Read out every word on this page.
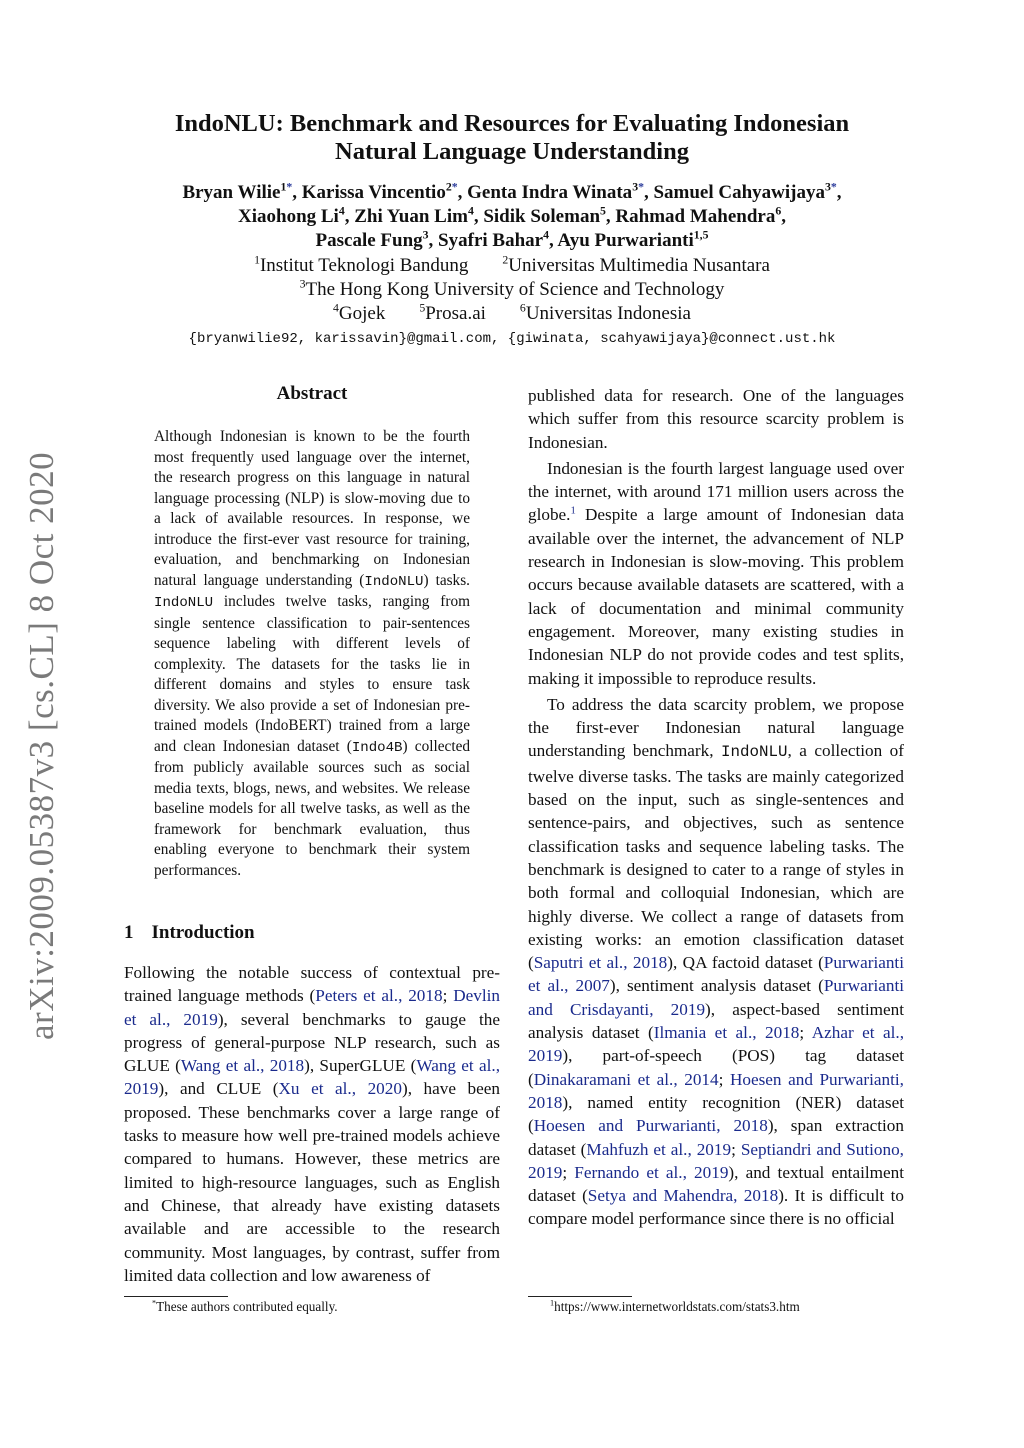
arXiv:2009.05387v3 [cs.CL] 8 Oct 2020
IndoNLU: Benchmark and Resources for Evaluating Indonesian
Natural Language Understanding
Bryan Wilie$^{1*}$, Karissa Vincentio$^{2*}$, Genta Indra Winata$^{3*}$, Samuel Cahyawijaya$^{3*}$,
Xiaohong Li$^4$, Zhi Yuan Lim$^4$, Sidik Soleman$^5$, Rahmad Mahendra$^6$,
Pascale Fung$^3$, Syafri Bahar$^4$, Ayu Purwarianti$^{1,5}$
$^1$Institut Teknologi Bandung	$^2$Universitas Multimedia Nusantara
$^3$The Hong Kong University of Science and Technology
$^4$Gojek	$^5$Prosa.ai	$^6$Universitas Indonesia
{bryanwilie92, karissavin}@gmail.com, {giwinata, scahyawijaya}@connect.ust.hk
Abstract
Although Indonesian is known to be the fourth most frequently used language over the internet, the research progress on this language in natural language processing (NLP) is slow-moving due to a lack of available resources. In response, we introduce the first-ever vast resource for training, evaluation, and benchmarking on Indonesian natural language understanding (IndoNLU) tasks. IndoNLU includes twelve tasks, ranging from single sentence classification to pair-sentences sequence labeling with different levels of complexity. The datasets for the tasks lie in different domains and styles to ensure task diversity. We also provide a set of Indonesian pre-trained models (IndoBERT) trained from a large and clean Indonesian dataset (Indo4B) collected from publicly available sources such as social media texts, blogs, news, and websites. We release baseline models for all twelve tasks, as well as the framework for benchmark evaluation, thus enabling everyone to benchmark their system performances.
1 Introduction

Following the notable success of contextual pre-trained language methods (Peters et al., 2018; Devlin et al., 2019), several benchmarks to gauge the progress of general-purpose NLP research, such as GLUE (Wang et al., 2018), SuperGLUE (Wang et al., 2019), and CLUE (Xu et al., 2020), have been proposed. These benchmarks cover a large range of tasks to measure how well pre-trained models achieve compared to humans. However, these metrics are limited to high-resource languages, such as English and Chinese, that already have existing datasets available and are accessible to the research community. Most languages, by contrast, suffer from limited data collection and low awareness of

published data for research. One of the languages which suffer from this resource scarcity problem is Indonesian.

Indonesian is the fourth largest language used over the internet, with around 171 million users across the globe.$^1$ Despite a large amount of Indonesian data available over the internet, the advancement of NLP research in Indonesian is slow-moving. This problem occurs because available datasets are scattered, with a lack of documentation and minimal community engagement. Moreover, many existing studies in Indonesian NLP do not provide codes and test splits, making it impossible to reproduce results.

To address the data scarcity problem, we propose the first-ever Indonesian natural language understanding benchmark, IndoNLU, a collection of twelve diverse tasks. The tasks are mainly categorized based on the input, such as single-sentences and sentence-pairs, and objectives, such as sentence classification tasks and sequence labeling tasks. The benchmark is designed to cater to a range of styles in both formal and colloquial Indonesian, which are highly diverse. We collect a range of datasets from existing works: an emotion classification dataset (Saputri et al., 2018), QA factoid dataset (Purwarianti et al., 2007), sentiment analysis dataset (Purwarianti and Crisdayanti, 2019), aspect-based sentiment analysis dataset (Ilmania et al., 2018; Azhar et al., 2019), part-of-speech (POS) tag dataset (Dinakaramani et al., 2014; Hoesen and Purwarianti, 2018), named entity recognition (NER) dataset (Hoesen and Purwarianti, 2018), span extraction dataset (Mahfuzh et al., 2019; Septiandri and Sutiono, 2019; Fernando et al., 2019), and textual entailment dataset (Setya and Mahendra, 2018). It is difficult to compare model performance since there is no official

*These authors contributed equally.	$^1$https://www.internetworldstats.com/stats3.htm
